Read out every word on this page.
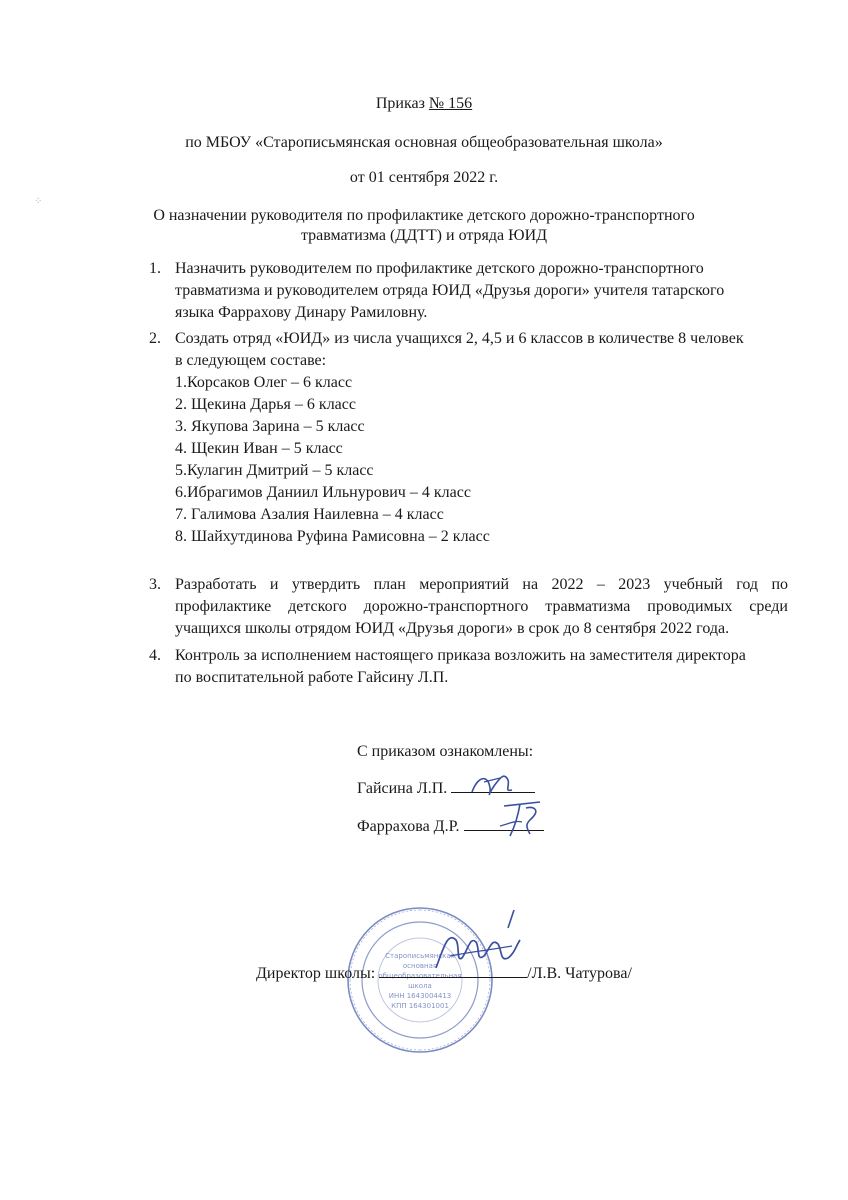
⁘
Приказ № 156
по МБОУ «Старописьмянская основная общеобразовательная школа»
от 01 сентября 2022 г.
О назначении руководителя по профилактике детского дорожно-транспортного
травматизма (ДДТТ) и отряда ЮИД
1. Назначить руководителем по профилактике детского дорожно-транспортного
травматизма и руководителем отряда ЮИД «Друзья дороги» учителя татарского
языка Фаррахову Динару Рамиловну.
2. Создать отряд «ЮИД» из числа учащихся 2, 4,5 и 6 классов в количестве 8 человек
в следующем составе:
1.Корсаков Олег – 6 класс
2. Щекина Дарья – 6 класс
3. Якупова Зарина – 5 класс
4. Щекин Иван – 5 класс
5.Кулагин Дмитрий – 5 класс
6.Ибрагимов Даниил Ильнурович – 4 класс
7. Галимова Азалия Наилевна – 4 класс
8. Шайхутдинова Руфина Рамисовна – 2 класс
3. Разработать и утвердить план мероприятий на 2022 – 2023 учебный год по
профилактике детского дорожно-транспортного травматизма проводимых среди
учащихся школы отрядом ЮИД «Друзья дороги» в срок до 8 сентября 2022 года.
4. Контроль за исполнением настоящего приказа возложить на заместителя директора
по воспитательной работе Гайсину Л.П.
С приказом ознакомлены:
Гайсина Л.П.
Фаррахова Д.Р.
Старописьмянская
основная
общеобразовательная
школа
ИНН 1643004413
КПП 164301001
Директор школы:	/Л.В. Чатурова/
